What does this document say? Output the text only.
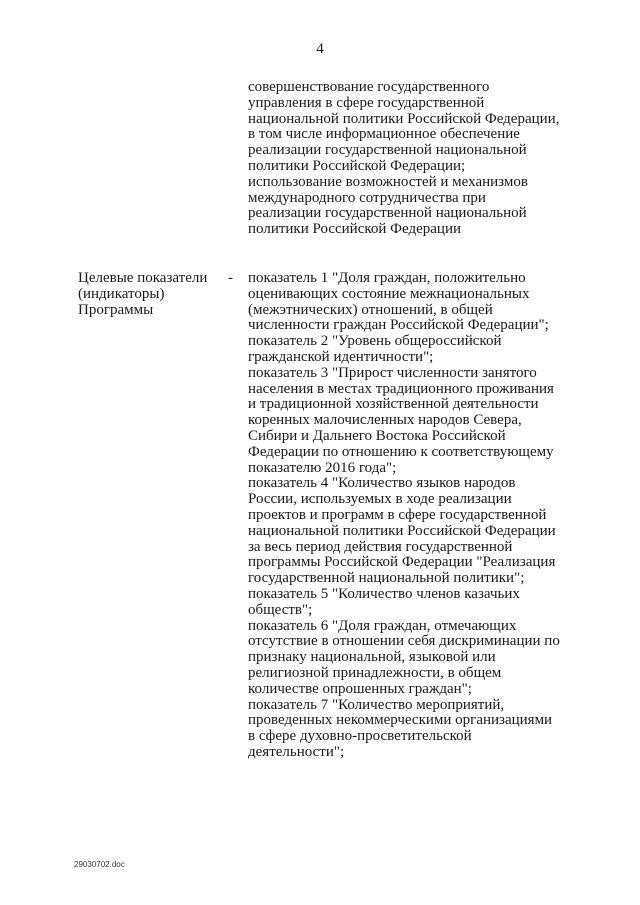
4
совершенствование государственного
управления в сфере государственной
национальной политики Российской Федерации,
в том числе информационное обеспечение
реализации государственной национальной
политики Российской Федерации;
использование возможностей и механизмов
международного сотрудничества при
реализации государственной национальной
политики Российской Федерации
Целевые показатели
(индикаторы)
Программы
- показатель 1 "Доля граждан, положительно
оценивающих состояние межнациональных
(межэтнических) отношений, в общей
численности граждан Российской Федерации";
показатель 2 "Уровень общероссийской
гражданской идентичности";
показатель 3 "Прирост численности занятого
населения в местах традиционного проживания
и традиционной хозяйственной деятельности
коренных малочисленных народов Севера,
Сибири и Дальнего Востока Российской
Федерации по отношению к соответствующему
показателю 2016 года";
показатель 4 "Количество языков народов
России, используемых в ходе реализации
проектов и программ в сфере государственной
национальной политики Российской Федерации
за весь период действия государственной
программы Российской Федерации "Реализация
государственной национальной политики";
показатель 5 "Количество членов казачьих
обществ";
показатель 6 "Доля граждан, отмечающих
отсутствие в отношении себя дискриминации по
признаку национальной, языковой или
религиозной принадлежности, в общем
количестве опрошенных граждан";
показатель 7 "Количество мероприятий,
проведенных некоммерческими организациями
в сфере духовно-просветительской
деятельности";
29030702.doc
